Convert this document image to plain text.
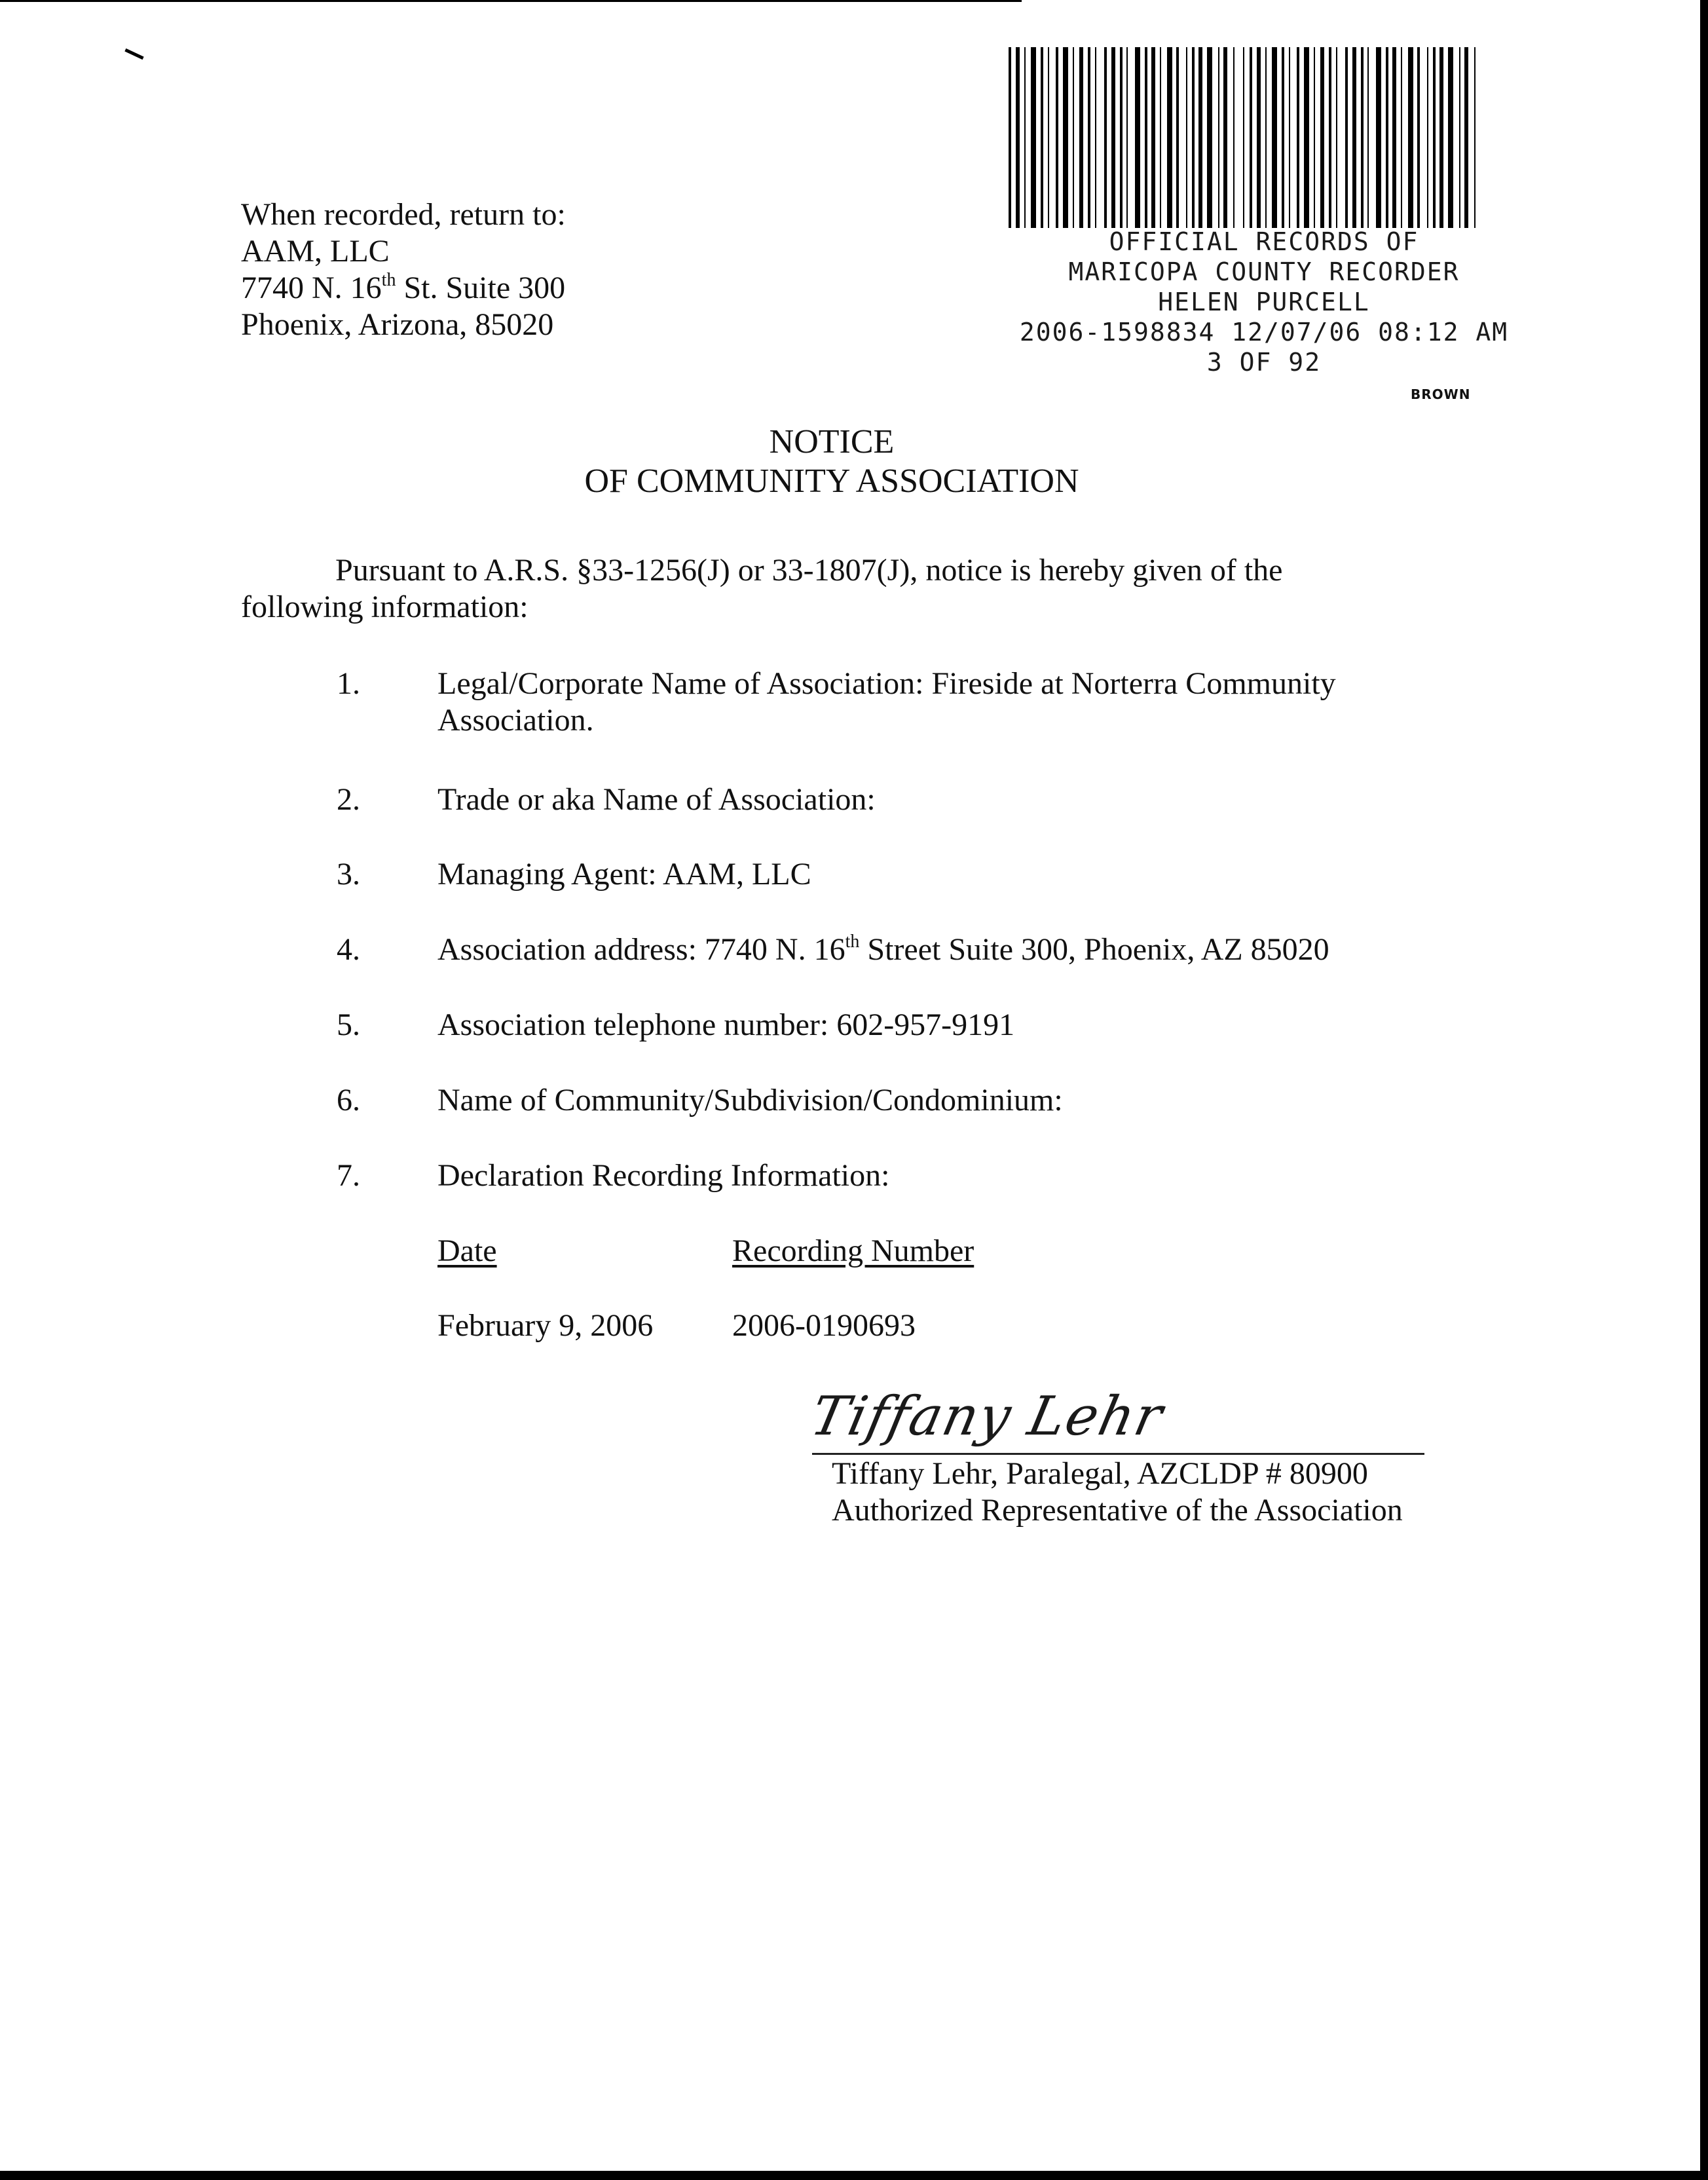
When recorded, return to:
AAM, LLC
7740 N. 16th St. Suite 300
Phoenix, Arizona, 85020
OFFICIAL RECORDS OF
MARICOPA COUNTY RECORDER
HELEN PURCELL
2006-1598834 12/07/06 08:12 AM
3 OF 92
BROWN
NOTICE
OF COMMUNITY ASSOCIATION
Pursuant to A.R.S. §33-1256(J) or 33-1807(J), notice is hereby given of the
following information:
1. Legal/Corporate Name of Association: Fireside at Norterra Community
Association.
2. Trade or aka Name of Association:
3. Managing Agent: AAM, LLC
4. Association address: 7740 N. 16th Street Suite 300, Phoenix, AZ 85020
5. Association telephone number: 602-957-9191
6. Name of Community/Subdivision/Condominium:
7. Declaration Recording Information:
Date	Recording Number
February 9, 2006	2006-0190693
Tiffany Lehr
Tiffany Lehr, Paralegal, AZCLDP # 80900
Authorized Representative of the Association
